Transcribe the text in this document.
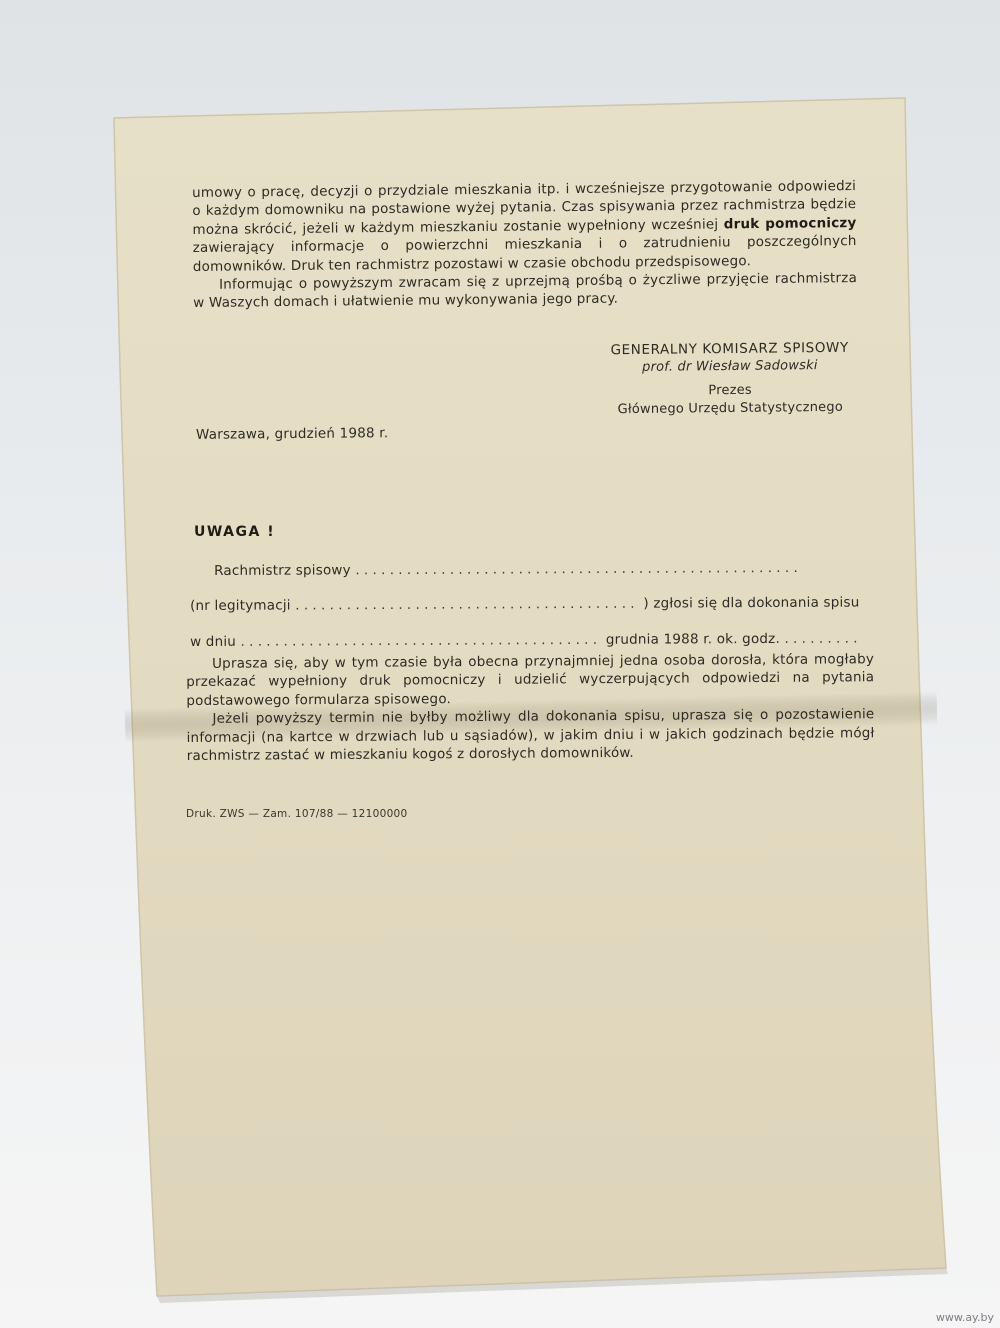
umowy o pracę, decyzji o przydziale mieszkania itp. i wcześniejsze przygotowanie odpowiedzi o każdym domowniku na postawione wyżej pytania. Czas spisywania przez rachmistrza będzie można skrócić, jeżeli w każdym mieszkaniu zostanie wypełniony wcześniej druk pomocniczy zawierający informacje o powierzchni mieszkania i o zatrudnieniu poszczególnych domowników. Druk ten rachmistrz pozostawi w czasie obchodu przedspisowego.

Informując o powyższym zwracam się z uprzejmą prośbą o życzliwe przyjęcie rachmistrza w Waszych domach i ułatwienie mu wykonywania jego pracy.

GENERALNY KOMISARZ SPISOWY
prof. dr Wiesław Sadowski
Prezes
Głównego Urzędu Statystycznego
Warszawa, grudzień 1988 r.
UWAGA !
Rachmistrz spisowy ....................................................
(nr legitymacji ........................................ ) zgłosi się dla dokonania spisu
w dniu .......................................... grudnia 1988 r. ok. godz. .........

Uprasza się, aby w tym czasie była obecna przynajmniej jedna osoba dorosła, która mogłaby przekazać wypełniony druk pomocniczy i udzielić wyczerpujących odpowiedzi na pytania podstawowego formularza spisowego.

Jeżeli powyższy termin nie byłby możliwy dla dokonania spisu, uprasza się o pozostawienie informacji (na kartce w drzwiach lub u sąsiadów), w jakim dniu i w jakich godzinach będzie mógł rachmistrz zastać w mieszkaniu kogoś z dorosłych domowników.

Druk. ZWS — Zam. 107/88 — 12100000
www.ay.by
